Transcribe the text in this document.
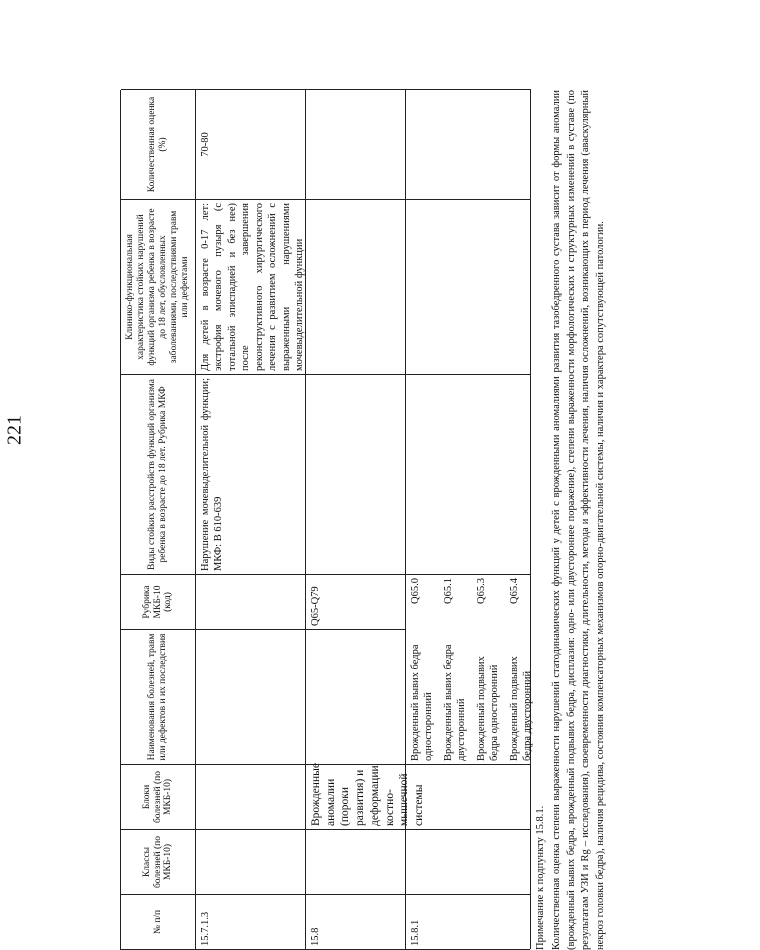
221
№ п/п
Классы болезней (по МКБ-10)
Блоки болезней (по МКБ-10)
Наименования болезней, травм или дефектов и их последствия
Рубрика МКБ-10 (код)
Виды стойких расстройств функций организма ребенка в возрасте до 18 лет. Рубрика МКФ
Клинико-функциональная характеристика стойких нарушений функций организма ребенка в возрасте до 18 лет, обусловленных заболеваниями, последствиями травм или дефектами
Количественная оценка (%)
15.7.1.3
Нарушение мочевыделительной функции; МКФ: В 610-639
Для детей в возрасте 0-17 лет: экстрофия мочевого пузыря (с тотальной эписпадией и без нее) после завершения реконструктивного хирургического лечения с развитием осложнений с выраженными нарушениями мочевыделительной функции
70-80
15.8
Врожденные аномалии (пороки развития) и деформации костно-мышечной системы
Q65-Q79
15.8.1
Врожденный вывих бедра односторонний
Q65.0
Врожденный вывих бедра двусторонний
Q65.1
Врожденный подвывих бедра односторонний
Q65.3
Врожденный подвывих бедра двусторонний
Q65.4

Примечание к подпункту 15.8.1. Количественная оценка степени выраженности нарушений статодинамических функций у детей с врожденными аномалиями развития тазобедренного сустава зависит от формы аномалии (врожденный вывих бедра, врожденный подвывих бедра, дисплазия: одно- или двустороннее поражение), степени выраженности морфологических и структурных изменений в суставе (по результатам УЗИ и Rg – исследования), своевременности диагностики, длительности, метода и эффективности лечения, наличия осложнений, возникающих в период лечения (аваскулярный некроз головки бедра), наличия рецидива, состояния компенсаторных механизмов опорно-двигательной системы, наличия и характера сопутствующей патологии.
